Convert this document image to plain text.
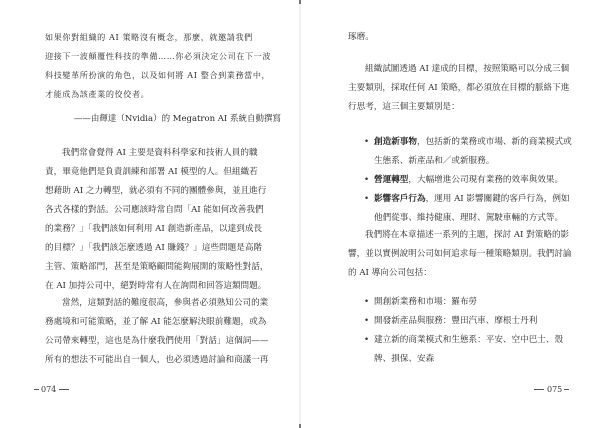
如果你對組織的 AI 策略沒有概念，那麼，就邀請我們
迎接下一波顛覆性科技的準備……你必須決定公司在下一波
科技變革所扮演的角色，以及如何將 AI 整合到業務當中，
才能成為該產業的佼佼者。
——由輝達（Nvidia）的 Megatron AI 系統自動撰寫
我們常會覺得 AI 主要是資料科學家和技術人員的職
責，畢竟他們是負責訓練和部署 AI 模型的人。但組織若
想藉助 AI 之力轉型，就必須有不同的團體參與，並且進行
各式各樣的對話。公司應該時常自問「AI 能如何改善我們
的業務？」「我們該如何利用 AI 創造新產品，以達到成長
的目標？」「我們該怎麼透過 AI 賺錢？」這些問題是高階
主管、策略部門，甚至是策略顧問能夠展開的策略性對話，
在 AI 加持公司中，絕對時常有人在詢問和回答這類問題。
當然，這類對話的難度很高，參與者必須熟知公司的業
務處境和可能策略，並了解 AI 能怎麼解決眼前難題，或為
公司帶來轉型，這也是為什麼我們使用「對話」這個詞——
所有的想法不可能出自一個人，也必須透過討論和商議一再
074
琢磨。
組織試圖透過 AI 達成的目標，按照策略可以分成三個
主要類別，採取任何 AI 策略，都必須放在目標的脈絡下進
行思考，這三個主要類別是：
• 創造新事物，包括新的業務或市場、新的商業模式或
生態系、新產品和／或新服務。
• 營運轉型，大幅增進公司現有業務的效率與效果。
• 影響客戶行為，運用 AI 影響關鍵的客戶行為，例如
他們從事、維持健康、理財、駕駛車輛的方式等。
我們將在本章描述一系列的主題，探討 AI 對策略的影
響，並以實例說明公司如何追求每一種策略類別。我們討論
的 AI 導向公司包括：
• 開創新業務和市場：羅布勞
• 開發新產品與服務：豐田汽車、摩根士丹利
• 建立新的商業模式和生態系：平安、空中巴士、殼
牌、損保、安森
075
